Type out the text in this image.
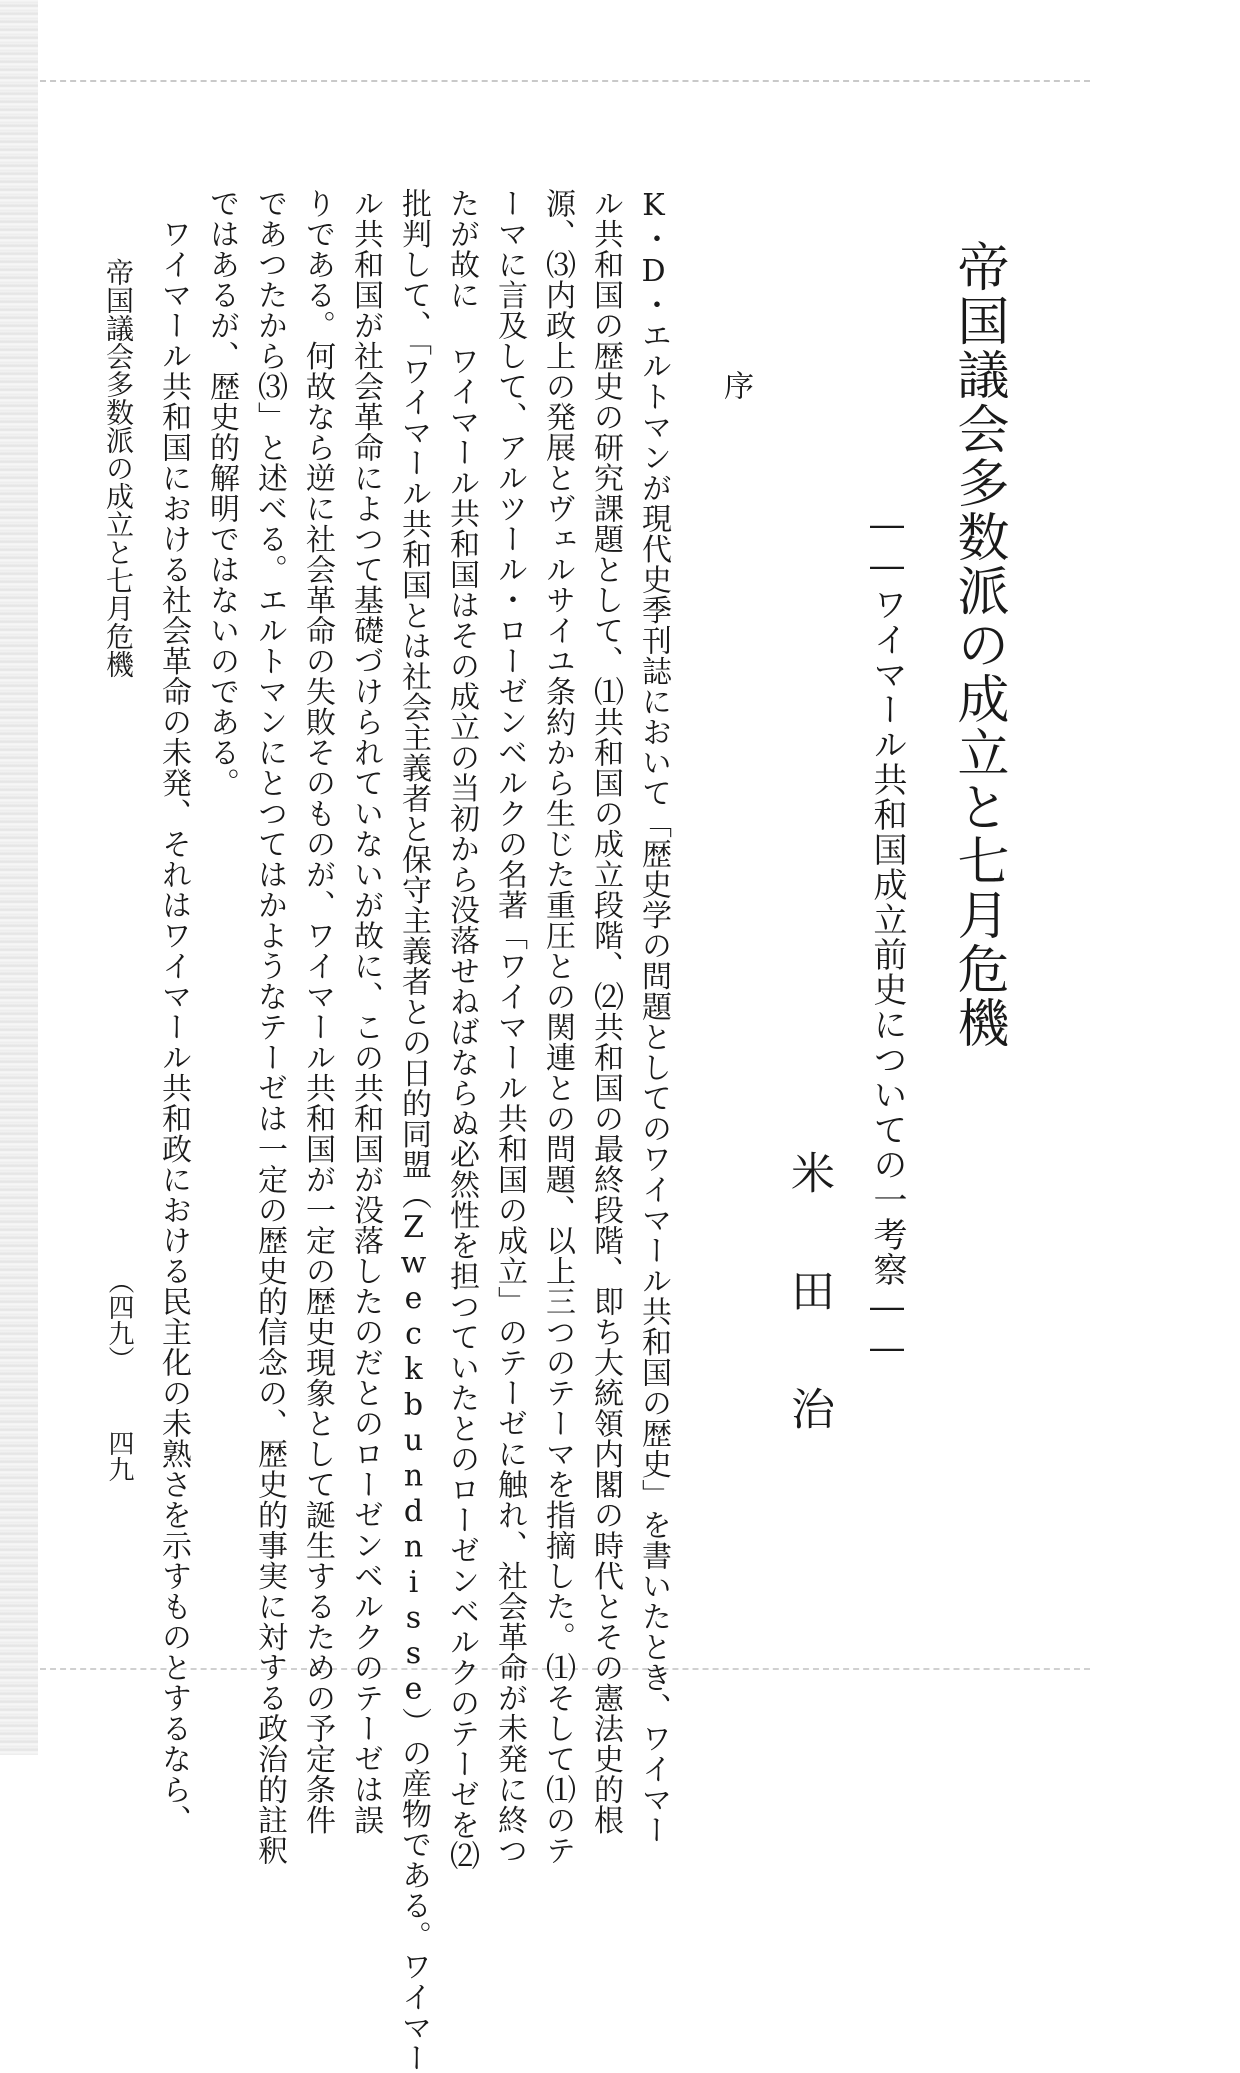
帝国議会多数派の成立と七月危機
――ワイマール共和国成立前史についての一考察――
米田治
序
K・D・エルトマンが現代史季刊誌において「歴史学の問題としてのワイマール共和国の歴史」を書いたとき、ワイマー
ル共和国の歴史の研究課題として、⑴共和国の成立段階、⑵共和国の最終段階、即ち大統領内閣の時代とその憲法史的根
源、⑶内政上の発展とヴェルサイユ条約から生じた重圧との関連との問題、以上三つのテーマを指摘した。⑴そして⑴のテ
ーマに言及して、アルツール・ローゼンベルクの名著「ワイマール共和国の成立」のテーゼに触れ、社会革命が未発に終つ
たが故に ワイマール共和国はその成立の当初から没落せねばならぬ必然性を担つていたとのローゼンベルクのテーゼを⑵
批判して、「ワイマール共和国とは社会主義者と保守主義者との日的同盟（Zweckbundnisse）の産物である。ワイマー
ル共和国が社会革命によつて基礎づけられていないが故に、この共和国が没落したのだとのローゼンベルクのテーゼは誤
りである。何故なら逆に社会革命の失敗そのものが、ワイマール共和国が一定の歴史現象として誕生するための予定条件
であつたから⑶」と述べる。エルトマンにとつてはかようなテーゼは一定の歴史的信念の、歴史的事実に対する政治的註釈
ではあるが、歴史的解明ではないのである。
　ワイマール共和国における社会革命の未発、それはワイマール共和政における民主化の未熟さを示すものとするなら、
帝国議会多数派の成立と七月危機
（四九）
四九
